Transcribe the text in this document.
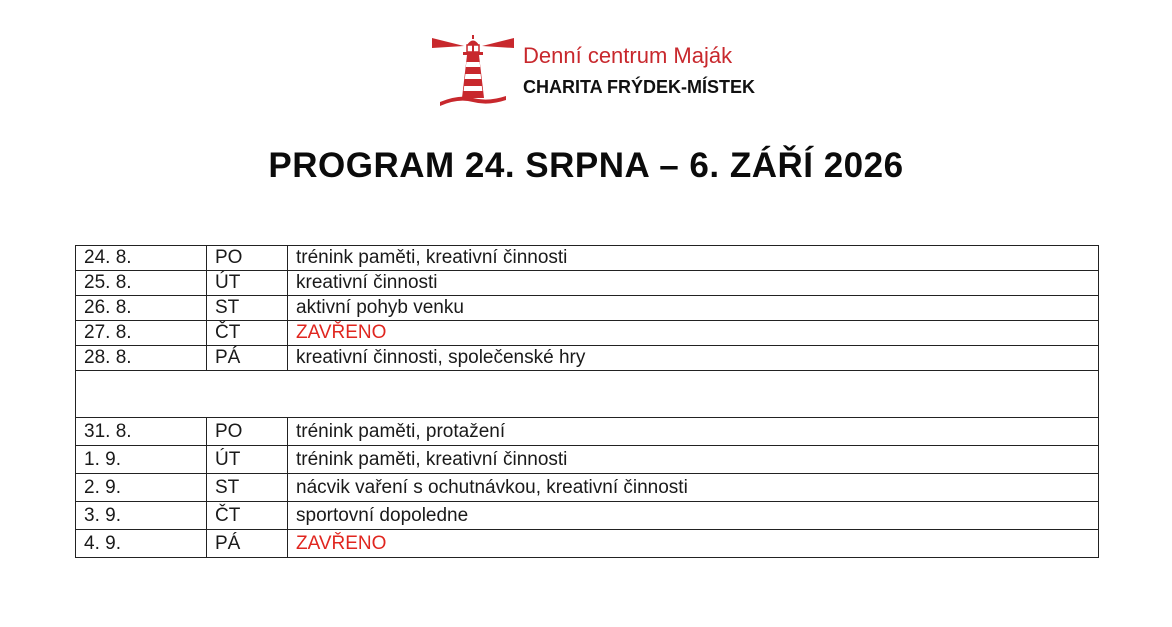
Denní centrum Maják
CHARITA FRÝDEK-MÍSTEK
PROGRAM 24. SRPNA – 6. ZÁŘÍ 2026
24. 8.	PO	trénink paměti, kreativní činnosti
25. 8.	ÚT	kreativní činnosti
26. 8.	ST	aktivní pohyb venku
27. 8.	ČT	ZAVŘENO
28. 8.	PÁ	kreativní činnosti, společenské hry

31. 8.	PO	trénink paměti, protažení
1. 9.	ÚT	trénink paměti, kreativní činnosti
2. 9.	ST	nácvik vaření s ochutnávkou, kreativní činnosti
3. 9.	ČT	sportovní dopoledne
4. 9.	PÁ	ZAVŘENO
